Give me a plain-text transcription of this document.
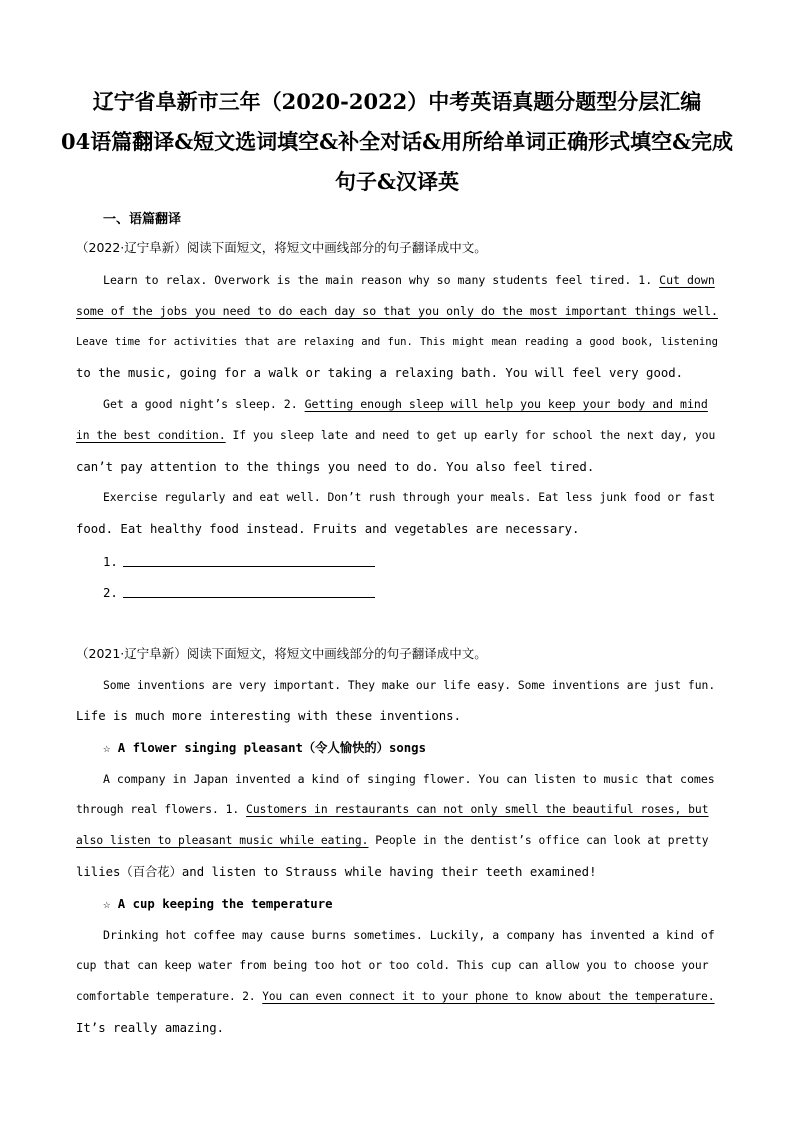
辽宁省阜新市三年（2020-2022）中考英语真题分题型分层汇编
04语篇翻译&短文选词填空&补全对话&用所给单词正确形式填空&完成
句子&汉译英
一、语篇翻译
（2022·辽宁阜新）阅读下面短文，将短文中画线部分的句子翻译成中文。
Learn to relax. Overwork is the main reason why so many students feel tired. 1. Cut down
some of the jobs you need to do each day so that you only do the most important things well.
Leave time for activities that are relaxing and fun. This might mean reading a good book, listening
to the music, going for a walk or taking a relaxing bath. You will feel very good.
Get a good night’s sleep. 2. Getting enough sleep will help you keep your body and mind
in the best condition. If you sleep late and need to get up early for school the next day, you
can’t pay attention to the things you need to do. You also feel tired.
Exercise regularly and eat well. Don’t rush through your meals. Eat less junk food or fast
food. Eat healthy food instead. Fruits and vegetables are necessary.
1.
2.
（2021·辽宁阜新）阅读下面短文，将短文中画线部分的句子翻译成中文。
Some inventions are very important. They make our life easy. Some inventions are just fun.
Life is much more interesting with these inventions.
☆ A flower singing pleasant（令人愉快的）songs
A company in Japan invented a kind of singing flower. You can listen to music that comes
through real flowers. 1. Customers in restaurants can not only smell the beautiful roses, but
also listen to pleasant music while eating. People in the dentist’s office can look at pretty
lilies（百合花）and listen to Strauss while having their teeth examined!
☆ A cup keeping the temperature
Drinking hot coffee may cause burns sometimes. Luckily, a company has invented a kind of
cup that can keep water from being too hot or too cold. This cup can allow you to choose your
comfortable temperature. 2. You can even connect it to your phone to know about the temperature.
It’s really amazing.
